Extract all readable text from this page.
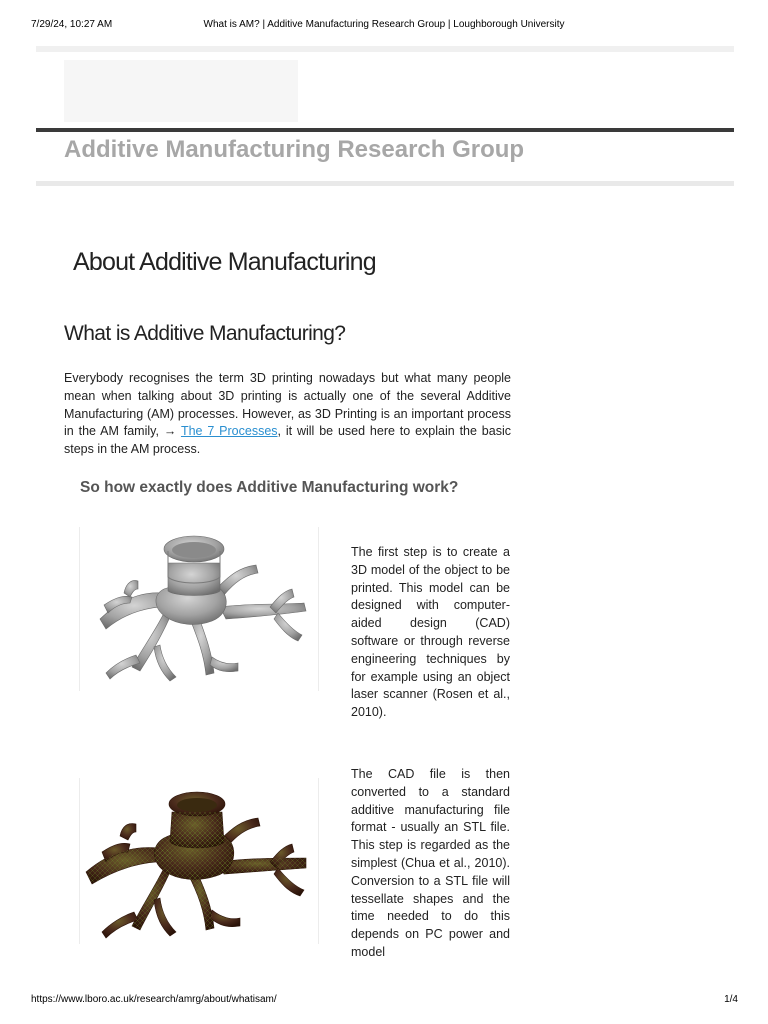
7/29/24, 10:27 AM	What is AM? | Additive Manufacturing Research Group | Loughborough University
Additive Manufacturing Research Group
About Additive Manufacturing
What is Additive Manufacturing?
Everybody recognises the term 3D printing nowadays but what many people mean when talking about 3D printing is actually one of the several Additive Manufacturing (AM) processes. However, as 3D Printing is an important process in the AM family, → The 7 Processes, it will be used here to explain the basic steps in the AM process.
So how exactly does Additive Manufacturing work?
The first step is to create a 3D model of the object to be printed. This model can be designed with computer-aided design (CAD) software or through reverse engineering techniques by for example using an object laser scanner (Rosen et al., 2010).
The CAD file is then converted to a standard additive manufacturing file format - usually an STL file. This step is regarded as the simplest (Chua et al., 2010). Conversion to a STL file will tessellate shapes and the time needed to do this depends on PC power and model
https://www.lboro.ac.uk/research/amrg/about/whatisam/	1/4
